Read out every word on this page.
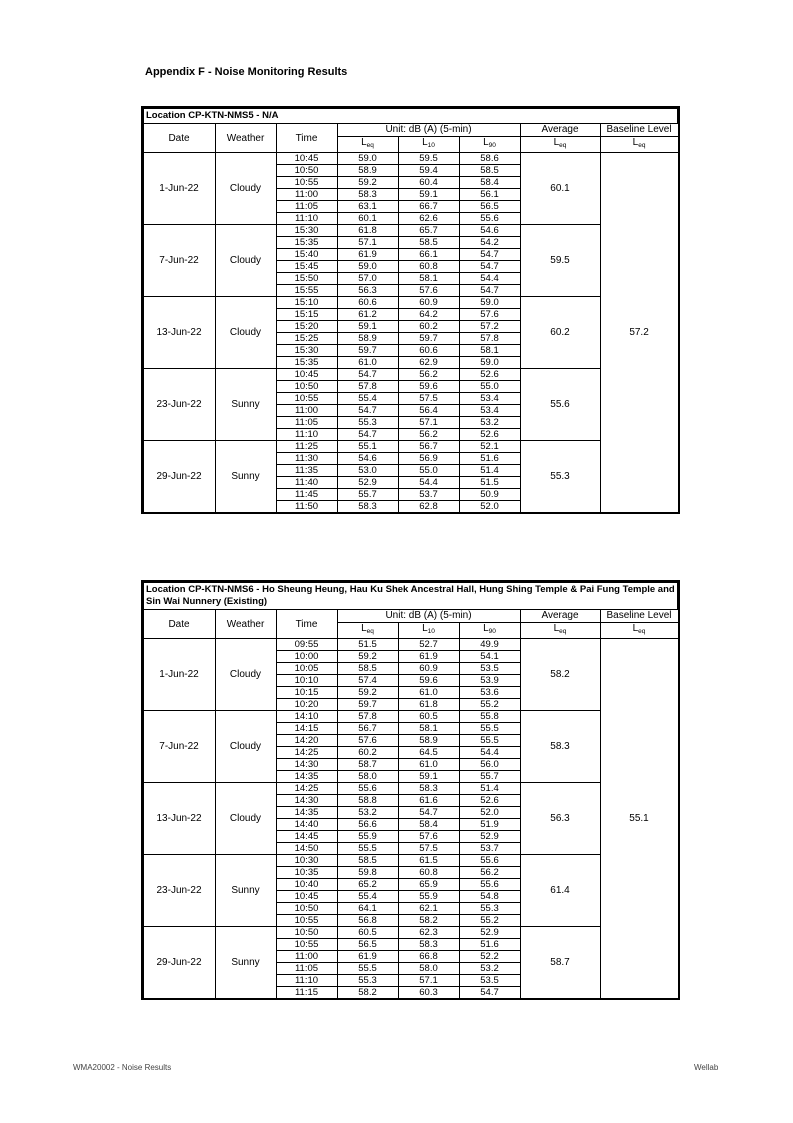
Appendix F - Noise Monitoring Results
Location CP-KTN-NMS5 - N/A							
Date	Weather	Time	Unit: dB (A) (5-min)			Average	Baseline Level
			$L_{eq}$	$L_{10}$	$L_{90}$	$L_{eq}$	$L_{eq}$
1-Jun-22	Cloudy	10:45	59.0	59.5	58.6	60.1	57.2
		10:50	58.9	59.4	58.5		
		10:55	59.2	60.4	58.4		
		11:00	58.3	59.1	56.1		
		11:05	63.1	66.7	56.5		
		11:10	60.1	62.6	55.6		
7-Jun-22	Cloudy	15:30	61.8	65.7	54.6	59.5	
		15:35	57.1	58.5	54.2		
		15:40	61.9	66.1	54.7		
		15:45	59.0	60.8	54.7		
		15:50	57.0	58.1	54.4		
		15:55	56.3	57.6	54.7		
13-Jun-22	Cloudy	15:10	60.6	60.9	59.0	60.2	
		15:15	61.2	64.2	57.6		
		15:20	59.1	60.2	57.2		
		15:25	58.9	59.7	57.8		
		15:30	59.7	60.6	58.1		
		15:35	61.0	62.9	59.0		
23-Jun-22	Sunny	10:45	54.7	56.2	52.6	55.6	
		10:50	57.8	59.6	55.0		
		10:55	55.4	57.5	53.4		
		11:00	54.7	56.4	53.4		
		11:05	55.3	57.1	53.2		
		11:10	54.7	56.2	52.6		
29-Jun-22	Sunny	11:25	55.1	56.7	52.1	55.3	
		11:30	54.6	56.9	51.6		
		11:35	53.0	55.0	51.4		
		11:40	52.9	54.4	51.5		
		11:45	55.7	53.7	50.9		
		11:50	58.3	62.8	52.0		
Location CP-KTN-NMS6 - Ho Sheung Heung, Hau Ku Shek Ancestral Hall, Hung Shing Temple & Pai Fung Temple and Sin Wai Nunnery (Existing)							
Date	Weather	Time	Unit: dB (A) (5-min)			Average	Baseline Level
			$L_{eq}$	$L_{10}$	$L_{90}$	$L_{eq}$	$L_{eq}$
1-Jun-22	Cloudy	09:55	51.5	52.7	49.9	58.2	55.1
		10:00	59.2	61.9	54.1		
		10:05	58.5	60.9	53.5		
		10:10	57.4	59.6	53.9		
		10:15	59.2	61.0	53.6		
		10:20	59.7	61.8	55.2		
7-Jun-22	Cloudy	14:10	57.8	60.5	55.8	58.3	
		14:15	56.7	58.1	55.5		
		14:20	57.6	58.9	55.5		
		14:25	60.2	64.5	54.4		
		14:30	58.7	61.0	56.0		
		14:35	58.0	59.1	55.7		
13-Jun-22	Cloudy	14:25	55.6	58.3	51.4	56.3	
		14:30	58.8	61.6	52.6		
		14:35	53.2	54.7	52.0		
		14:40	56.6	58.4	51.9		
		14:45	55.9	57.6	52.9		
		14:50	55.5	57.5	53.7		
23-Jun-22	Sunny	10:30	58.5	61.5	55.6	61.4	
		10:35	59.8	60.8	56.2		
		10:40	65.2	65.9	55.6		
		10:45	55.4	55.9	54.8		
		10:50	64.1	62.1	55.3		
		10:55	56.8	58.2	55.2		
29-Jun-22	Sunny	10:50	60.5	62.3	52.9	58.7	
		10:55	56.5	58.3	51.6		
		11:00	61.9	66.8	52.2		
		11:05	55.5	58.0	53.2		
		11:10	55.3	57.1	53.5		
		11:15	58.2	60.3	54.7		
WMA20002 - Noise Results	Wellab
